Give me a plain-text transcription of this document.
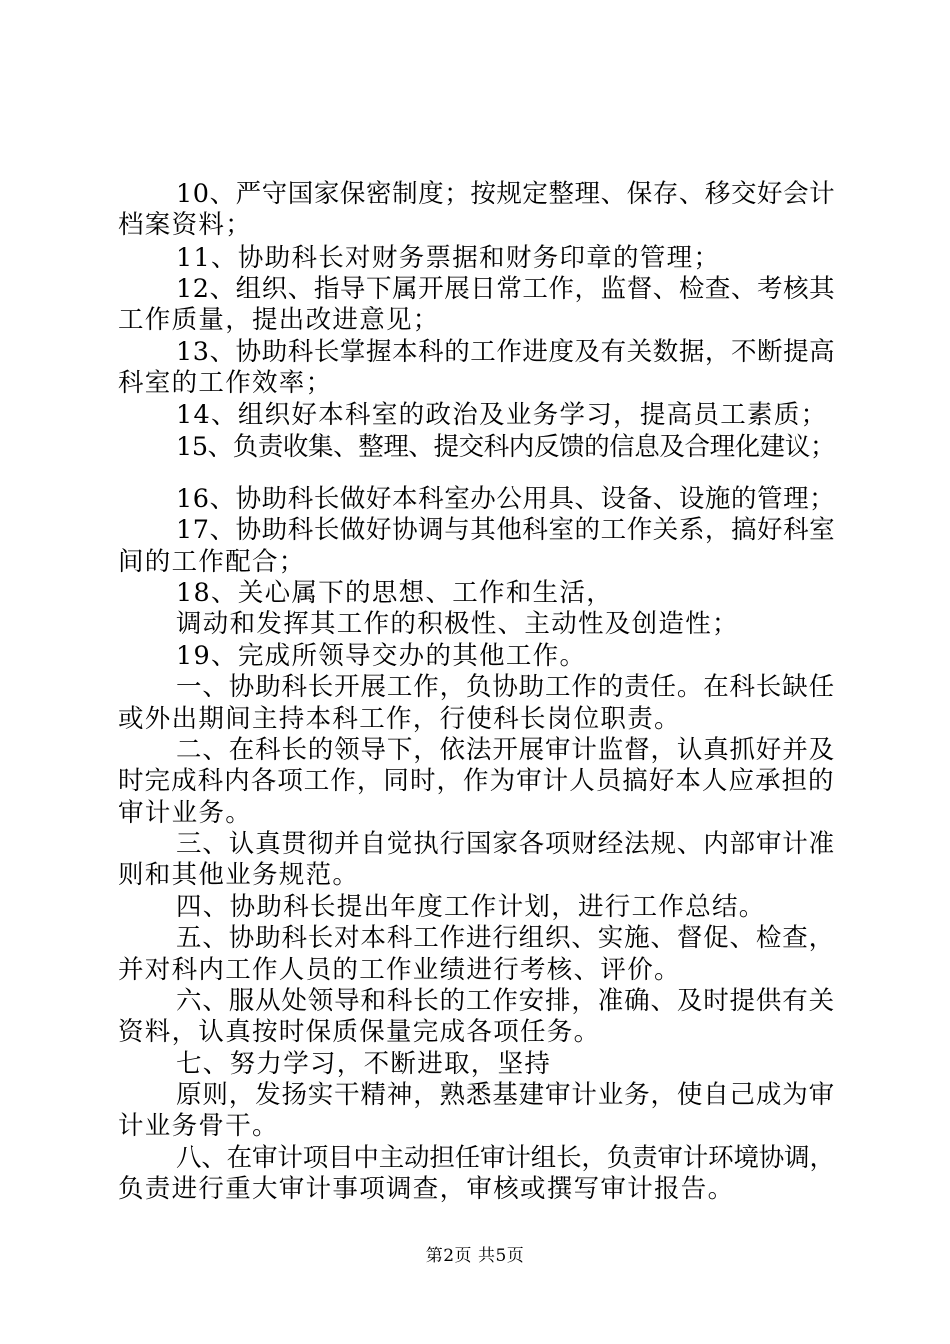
10、严守国家保密制度；按规定整理、保存、移交好会计
档案资料；
11、协助科长对财务票据和财务印章的管理；
12、组织、指导下属开展日常工作，监督、检查、考核其
工作质量，提出改进意见；
13、协助科长掌握本科的工作进度及有关数据，不断提高
科室的工作效率；
14、组织好本科室的政治及业务学习，提高员工素质；
15、负责收集、整理、提交科内反馈的信息及合理化建议；
16、协助科长做好本科室办公用具、设备、设施的管理；
17、协助科长做好协调与其他科室的工作关系，搞好科室
间的工作配合；
18、关心属下的思想、工作和生活，
调动和发挥其工作的积极性、主动性及创造性；
19、完成所领导交办的其他工作。
一、协助科长开展工作，负协助工作的责任。在科长缺任
或外出期间主持本科工作，行使科长岗位职责。
二、在科长的领导下，依法开展审计监督，认真抓好并及
时完成科内各项工作，同时，作为审计人员搞好本人应承担的
审计业务。
三、认真贯彻并自觉执行国家各项财经法规、内部审计准
则和其他业务规范。
四、协助科长提出年度工作计划，进行工作总结。
五、协助科长对本科工作进行组织、实施、督促、检查，
并对科内工作人员的工作业绩进行考核、评价。
六、服从处领导和科长的工作安排，准确、及时提供有关
资料，认真按时保质保量完成各项任务。
七、努力学习，不断进取，坚持
原则，发扬实干精神，熟悉基建审计业务，使自己成为审
计业务骨干。
八、在审计项目中主动担任审计组长，负责审计环境协调，
负责进行重大审计事项调查，审核或撰写审计报告。
第2页 共5页
